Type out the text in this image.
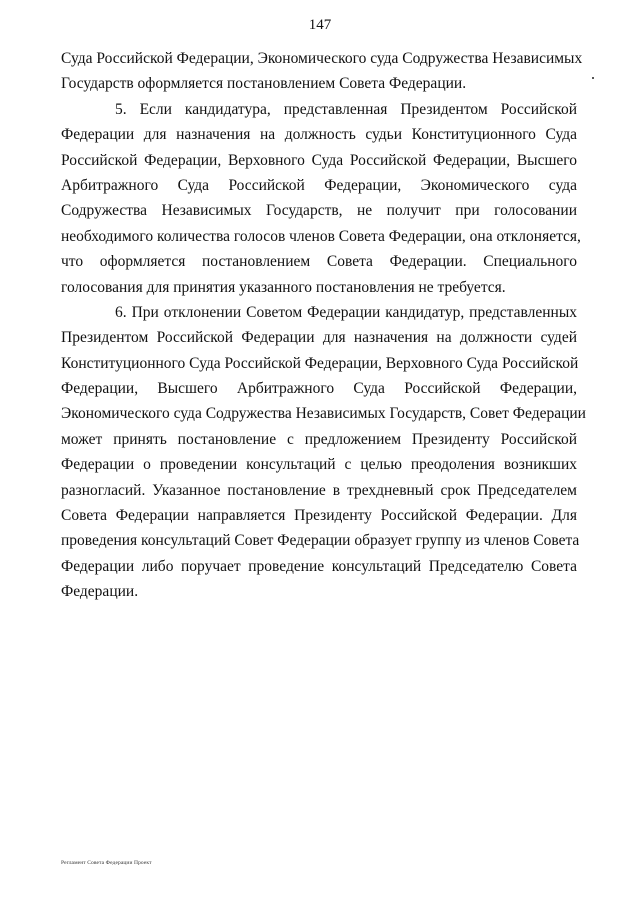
147
Суда Российской Федерации, Экономического суда Содружества Независимых
Государств оформляется постановлением Совета Федерации.
5. Если кандидатура, представленная Президентом Российской
Федерации для назначения на должность судьи Конституционного Суда
Российской Федерации, Верховного Суда Российской Федерации, Высшего
Арбитражного Суда Российской Федерации, Экономического суда
Содружества Независимых Государств, не получит при голосовании
необходимого количества голосов членов Совета Федерации, она отклоняется,
что оформляется постановлением Совета Федерации. Специального
голосования для принятия указанного постановления не требуется.
6. При отклонении Советом Федерации кандидатур, представленных
Президентом Российской Федерации для назначения на должности судей
Конституционного Суда Российской Федерации, Верховного Суда Российской
Федерации, Высшего Арбитражного Суда Российской Федерации,
Экономического суда Содружества Независимых Государств, Совет Федерации
может принять постановление с предложением Президенту Российской
Федерации о проведении консультаций с целью преодоления возникших
разногласий. Указанное постановление в трехдневный срок Председателем
Совета Федерации направляется Президенту Российской Федерации. Для
проведения консультаций Совет Федерации образует группу из членов Совета
Федерации либо поручает проведение консультаций Председателю Совета
Федерации.
Регламент Совета Федерации Проект
